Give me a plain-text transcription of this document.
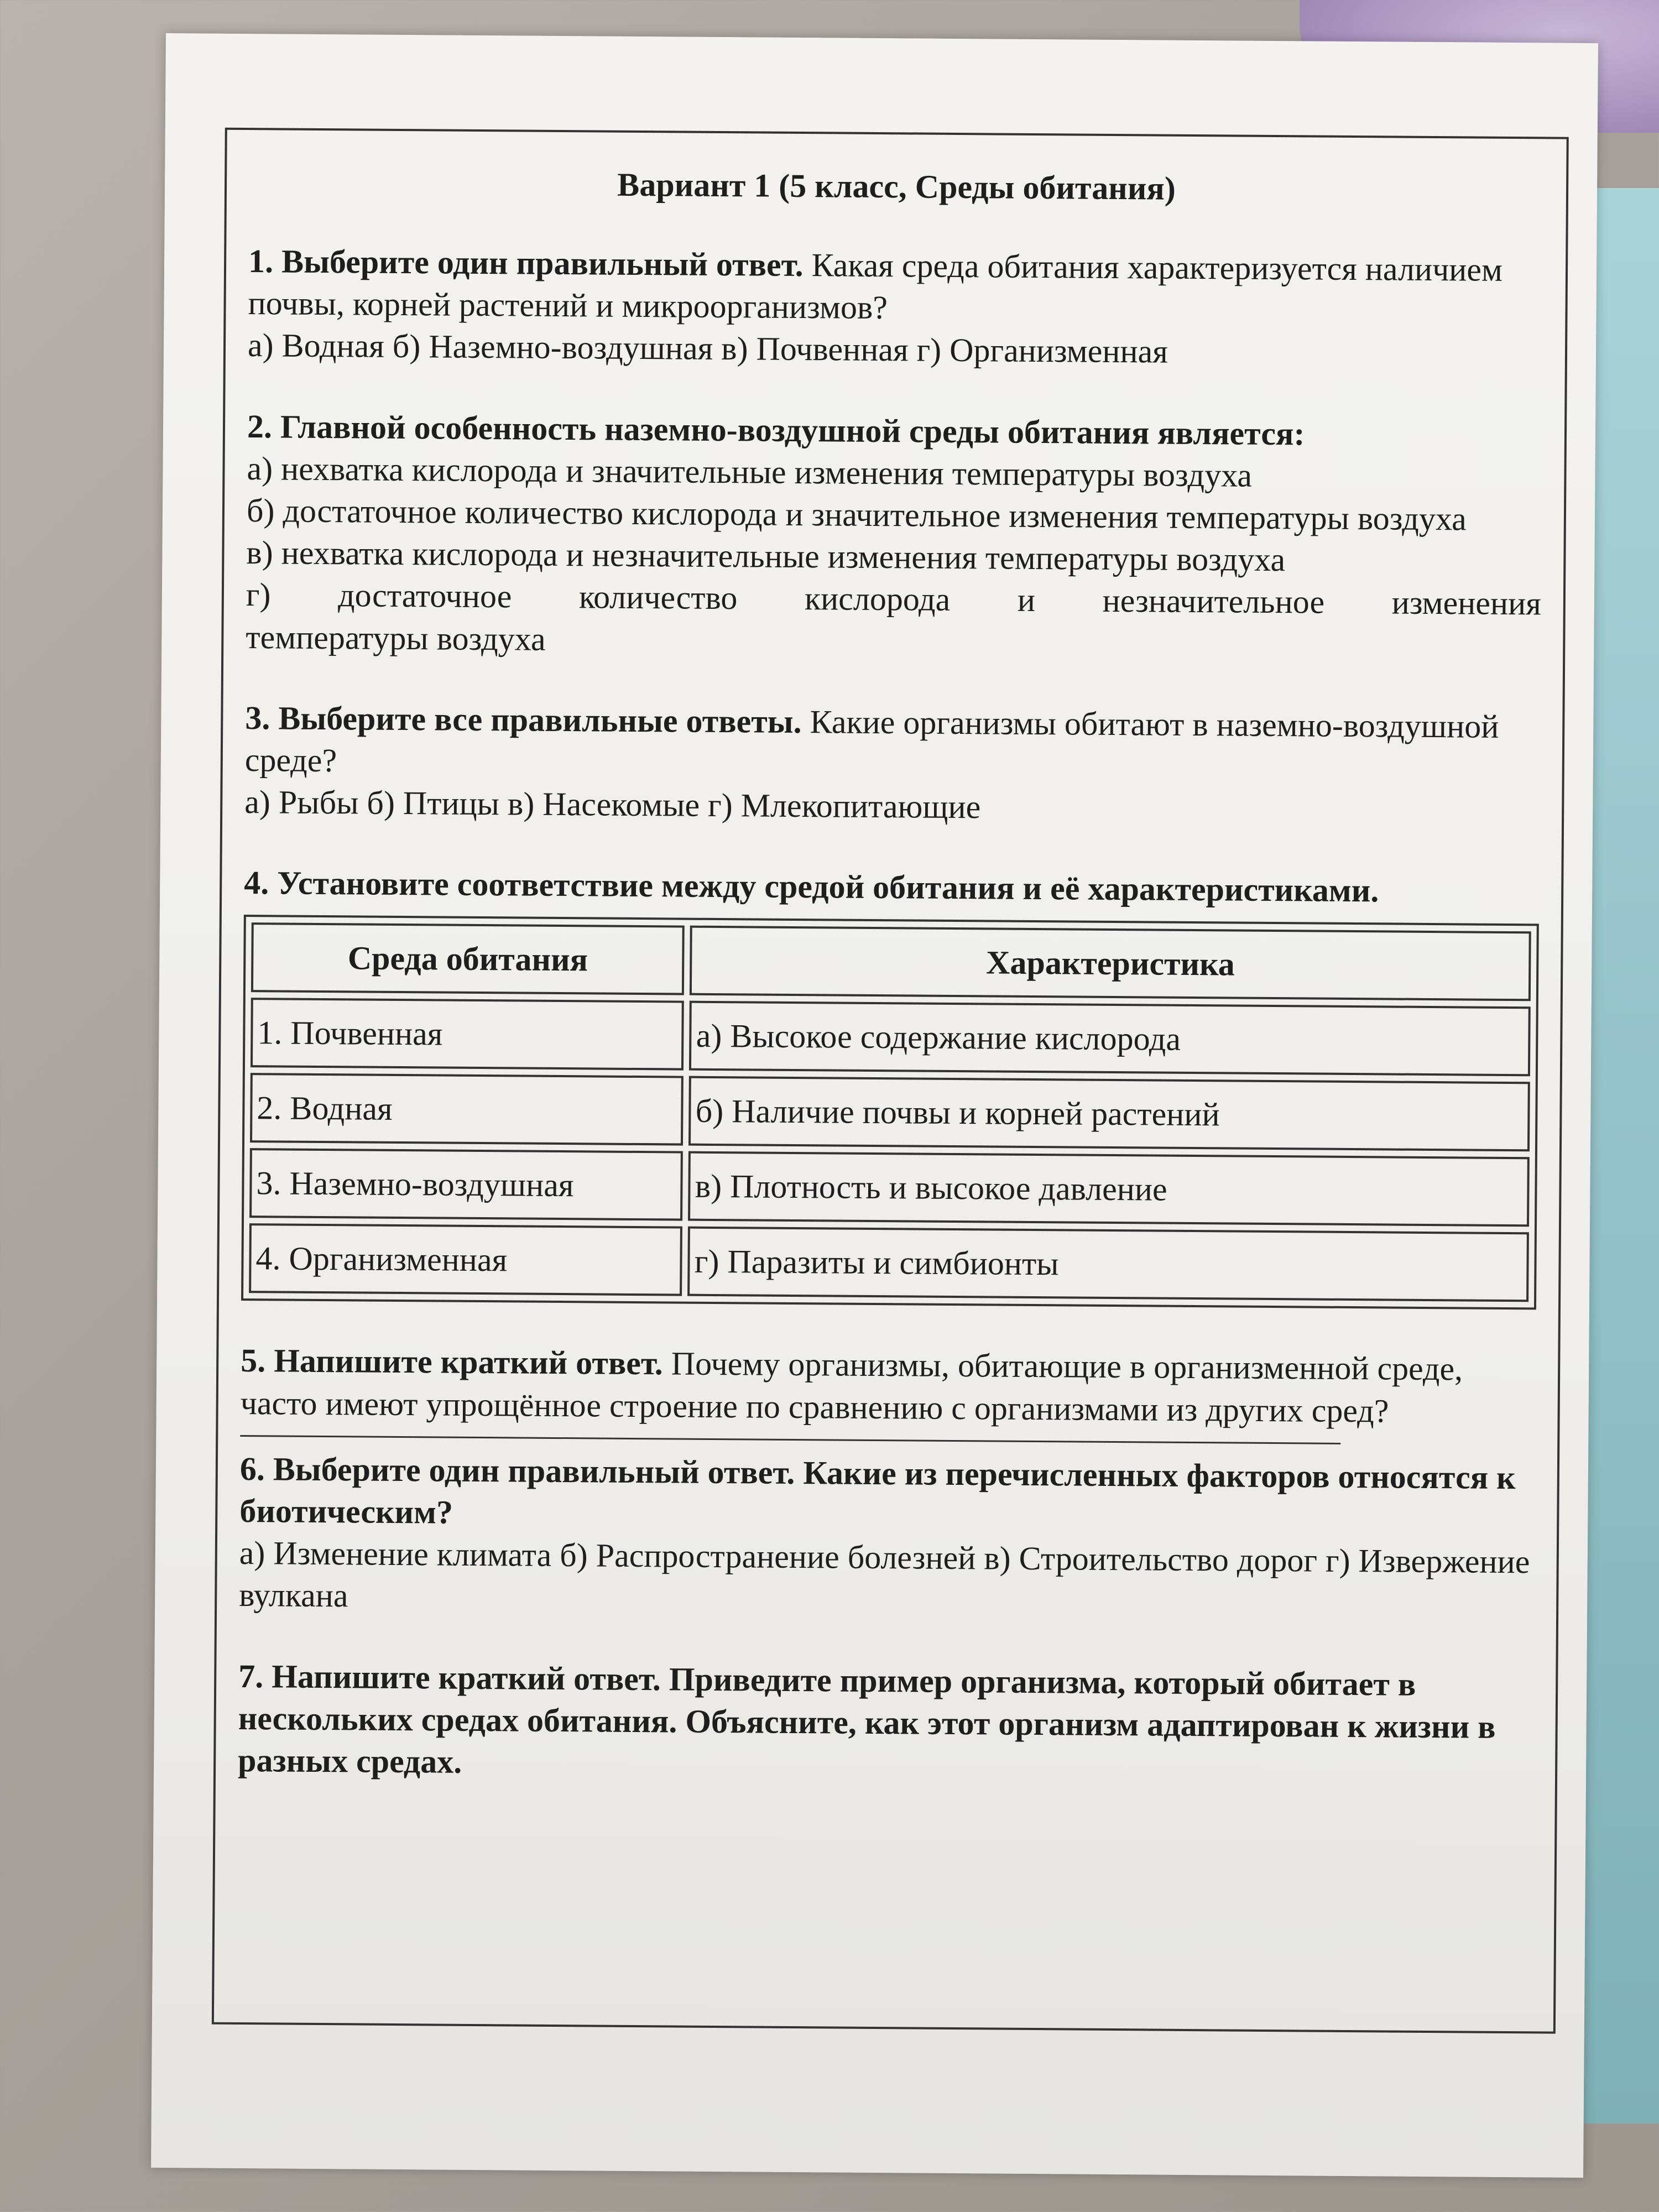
Вариант 1 (5 класс, Среды обитания)

1. Выберите один правильный ответ. Какая среда обитания характеризуется наличием почвы, корней растений и микроорганизмов?

а) Водная б) Наземно-воздушная в) Почвенная г) Организменная

2. Главной особенность наземно-воздушной среды обитания является:

а) нехватка кислорода и значительные изменения температуры воздуха

б) достаточное количество кислорода и значительное изменения температуры воздуха

в) нехватка кислорода и незначительные изменения температуры воздуха

г) достаточное количество кислорода и незначительное изменения

температуры воздуха

3. Выберите все правильные ответы. Какие организмы обитают в наземно-воздушной среде?

а) Рыбы б) Птицы в) Насекомые г) Млекопитающие

4. Установите соответствие между средой обитания и её характеристиками.

Среда обитания	Характеристика
1. Почвенная	а) Высокое содержание кислорода
2. Водная	б) Наличие почвы и корней растений
3. Наземно-воздушная	в) Плотность и высокое давление
4. Организменная	г) Паразиты и симбионты

5. Напишите краткий ответ. Почему организмы, обитающие в организменной среде, часто имеют упрощённое строение по сравнению с организмами из других сред?

6. Выберите один правильный ответ. Какие из перечисленных факторов относятся к биотическим?

а) Изменение климата б) Распространение болезней в) Строительство дорог г) Извержение вулкана

7. Напишите краткий ответ. Приведите пример организма, который обитает в нескольких средах обитания. Объясните, как этот организм адаптирован к жизни в разных средах.
